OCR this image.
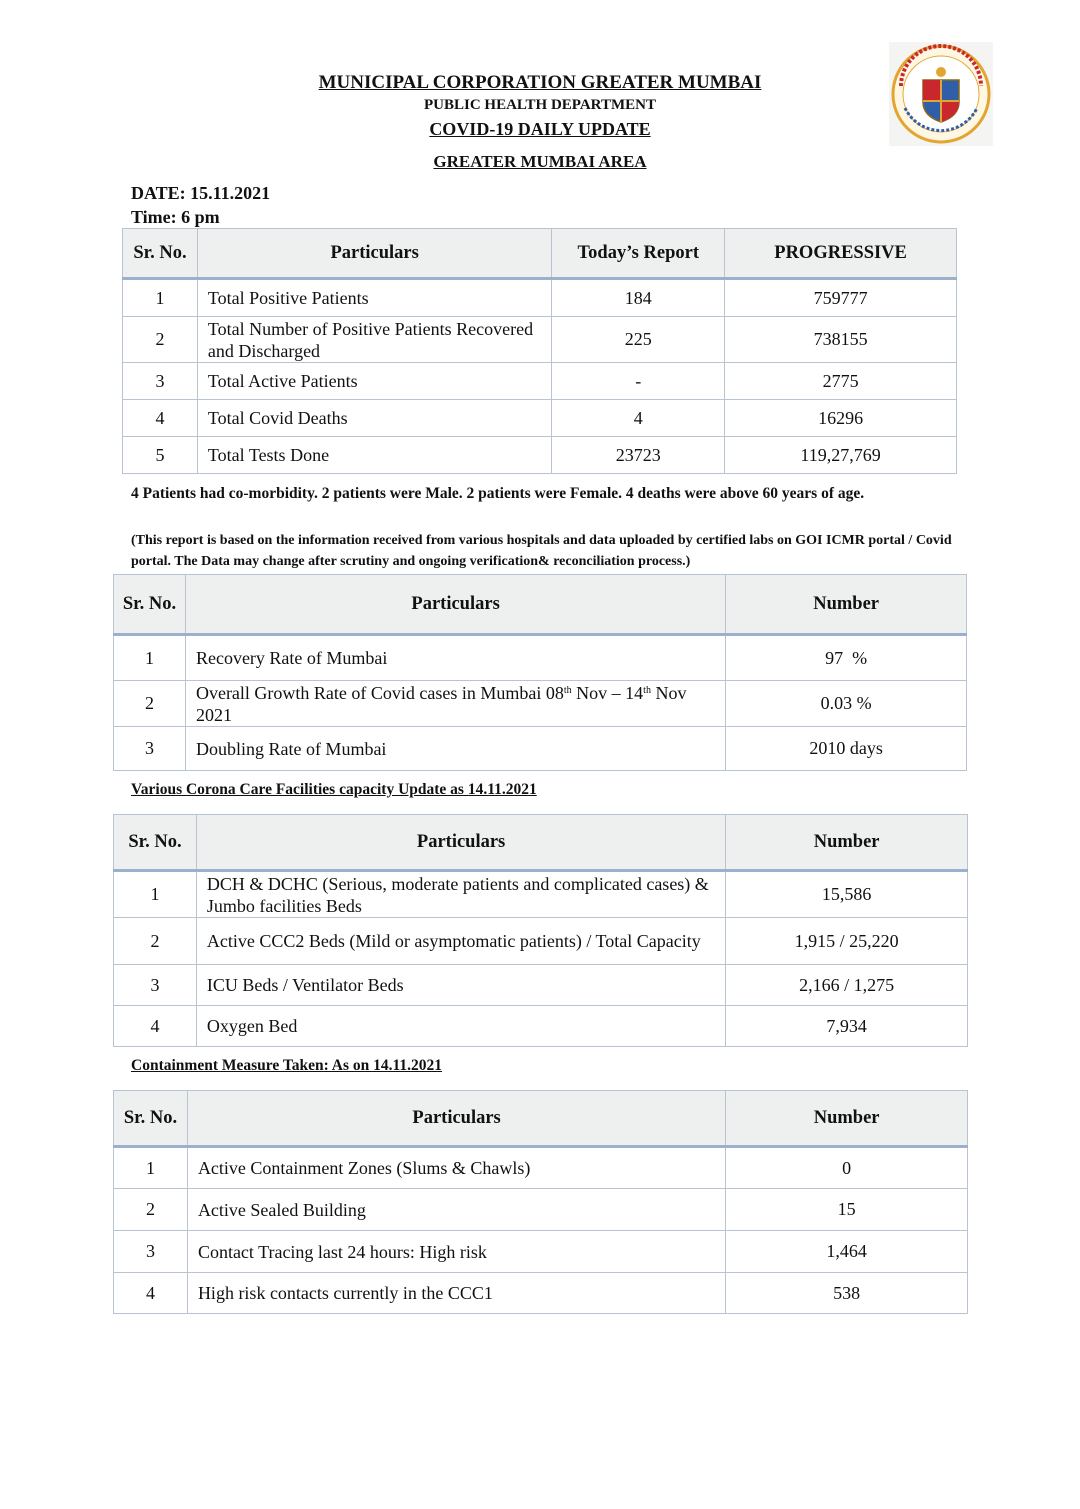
MUNICIPAL CORPORATION GREATER MUMBAI
PUBLIC HEALTH DEPARTMENT
COVID-19 DAILY UPDATE
GREATER MUMBAI AREA
DATE: 15.11.2021
Time: 6 pm
Sr. No.	Particulars	Today’s Report	PROGRESSIVE
1	Total Positive Patients	184	759777
2	Total Number of Positive Patients Recovered and Discharged	225	738155
3	Total Active Patients	-	2775
4	Total Covid Deaths	4	16296
5	Total Tests Done	23723	119,27,769
4 Patients had co-morbidity. 2 patients were Male. 2 patients were Female. 4 deaths were above 60 years of age.
(This report is based on the information received from various hospitals and data uploaded by certified labs on GOI ICMR portal / Covid portal. The Data may change after scrutiny and ongoing verification& reconciliation process.)
Sr. No.	Particulars	Number
1	Recovery Rate of Mumbai	97  %
2	Overall Growth Rate of Covid cases in Mumbai 08th Nov – 14th Nov 2021	0.03 %
3	Doubling Rate of Mumbai	2010 days
Various Corona Care Facilities capacity Update as 14.11.2021
Sr. No.	Particulars	Number
1	DCH & DCHC (Serious, moderate patients and complicated cases) & Jumbo facilities Beds	15,586
2	Active CCC2 Beds (Mild or asymptomatic patients) / Total Capacity	1,915 / 25,220
3	ICU Beds / Ventilator Beds	2,166 / 1,275
4	Oxygen Bed	7,934
Containment Measure Taken: As on 14.11.2021
Sr. No.	Particulars	Number
1	Active Containment Zones (Slums & Chawls)	0
2	Active Sealed Building	15
3	Contact Tracing last 24 hours: High risk	1,464
4	High risk contacts currently in the CCC1	538
